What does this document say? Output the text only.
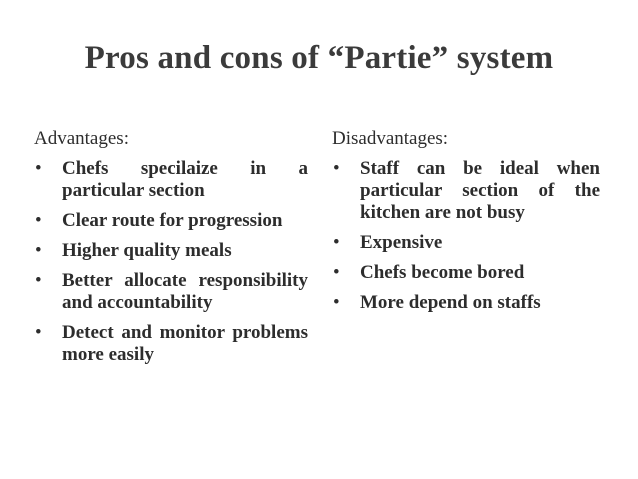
Pros and cons of “Partie” system
Advantages:
• Chefs specilaize in a particular section
• Clear route for progression
• Higher quality meals
• Better allocate responsibility and accountability
• Detect and monitor problems more easily
Disadvantages:
• Staff can be ideal when particular section of the kitchen are not busy
• Expensive
• Chefs become bored
• More depend on staffs
